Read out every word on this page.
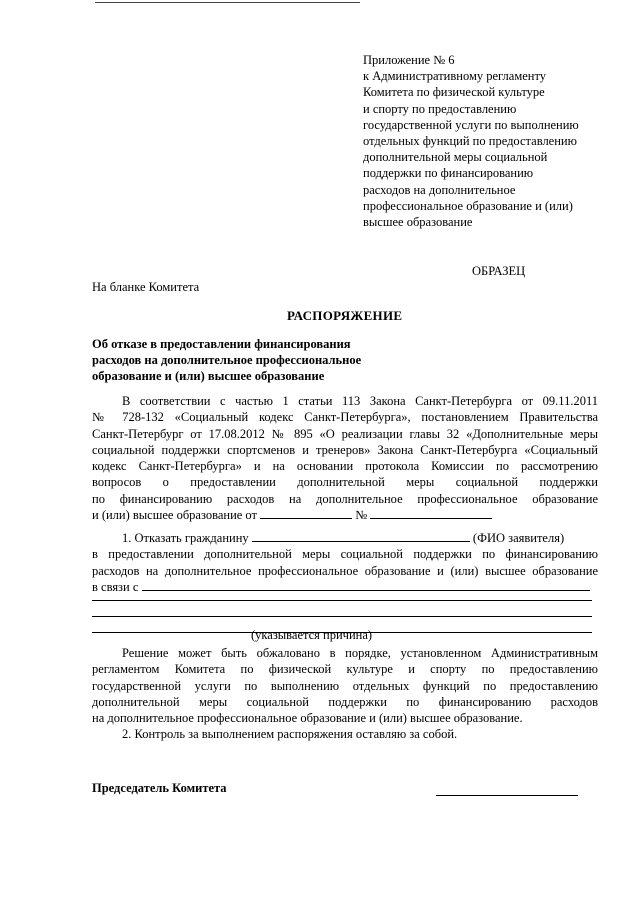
Приложение № 6
к Административному регламенту
Комитета по физической культуре
и спорту по предоставлению
государственной услуги по выполнению
отдельных функций по предоставлению
дополнительной меры социальной
поддержки по финансированию
расходов на дополнительное
профессиональное образование и (или)
высшее образование
ОБРАЗЕЦ
На бланке Комитета
РАСПОРЯЖЕНИЕ
Об отказе в предоставлении финансирования
расходов на дополнительное профессиональное
образование и (или) высшее образование
В соответствии с частью 1 статьи 113 Закона Санкт-Петербурга от 09.11.2011
№ 728-132 «Социальный кодекс Санкт-Петербурга», постановлением Правительства
Санкт-Петербург от 17.08.2012 № 895 «О реализации главы 32 «Дополнительные меры
социальной поддержки спортсменов и тренеров» Закона Санкт-Петербурга «Социальный
кодекс Санкт-Петербурга» и на основании протокола Комиссии по рассмотрению
вопросов о предоставлении дополнительной меры социальной поддержки
по финансированию расходов на дополнительное профессиональное образование
и (или) высшее образование от	№
1. Отказать гражданину	(ФИО заявителя)
в предоставлении дополнительной меры социальной поддержки по финансированию
расходов на дополнительное профессиональное образование и (или) высшее образование
в связи с
(указывается причина)
Решение может быть обжаловано в порядке, установленном Административным
регламентом Комитета по физической культуре и спорту по предоставлению
государственной услуги по выполнению отдельных функций по предоставлению
дополнительной меры социальной поддержки по финансированию расходов
на дополнительное профессиональное образование и (или) высшее образование.
2. Контроль за выполнением распоряжения оставляю за собой.
Председатель Комитета
